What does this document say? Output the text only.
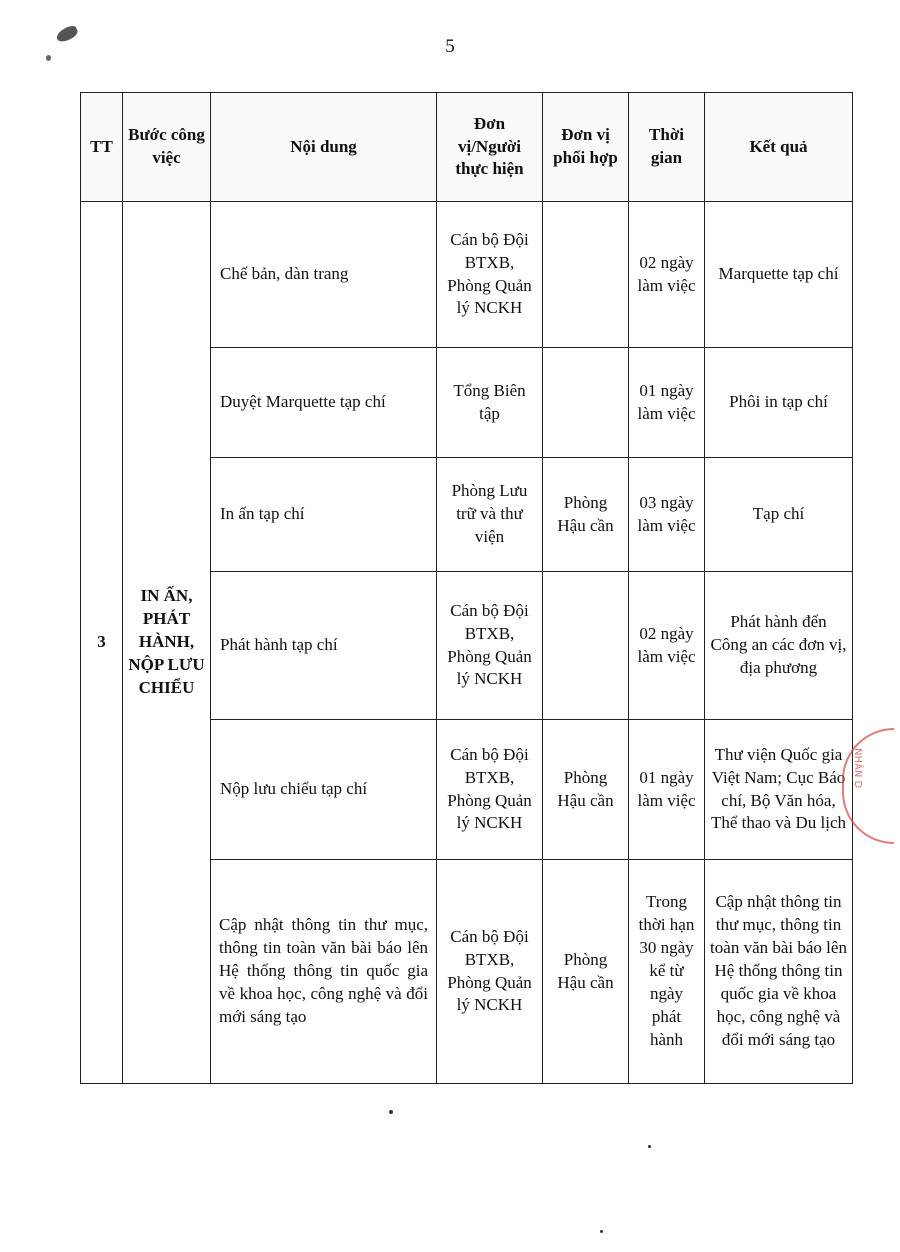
5
TT	Bước công việc	Nội dung	Đơn vị/Người thực hiện	Đơn vị phối hợp	Thời gian	Kết quả
3	IN ẤN, PHÁT HÀNH, NỘP LƯU CHIỂU	Chế bản, dàn trang	Cán bộ Đội BTXB, Phòng Quản lý NCKH		02 ngày làm việc	Marquette tạp chí
		Duyệt Marquette tạp chí	Tổng Biên tập		01 ngày làm việc	Phôi in tạp chí
		In ấn tạp chí	Phòng Lưu trữ và thư viện	Phòng Hậu cần	03 ngày làm việc	Tạp chí
		Phát hành tạp chí	Cán bộ Đội BTXB, Phòng Quản lý NCKH		02 ngày làm việc	Phát hành đến Công an các đơn vị, địa phương
		Nộp lưu chiểu tạp chí	Cán bộ Đội BTXB, Phòng Quản lý NCKH	Phòng Hậu cần	01 ngày làm việc	Thư viện Quốc gia Việt Nam; Cục Báo chí, Bộ Văn hóa, Thể thao và Du lịch
		Cập nhật thông tin thư mục, thông tin toàn văn bài báo lên Hệ thống thông tin quốc gia về khoa học, công nghệ và đổi mới sáng tạo	Cán bộ Đội BTXB, Phòng Quản lý NCKH	Phòng Hậu cần	Trong thời hạn 30 ngày kể từ ngày phát hành	Cập nhật thông tin thư mục, thông tin toàn văn bài báo lên Hệ thống thông tin quốc gia về khoa học, công nghệ và đổi mới sáng tạo
NHÂN D
